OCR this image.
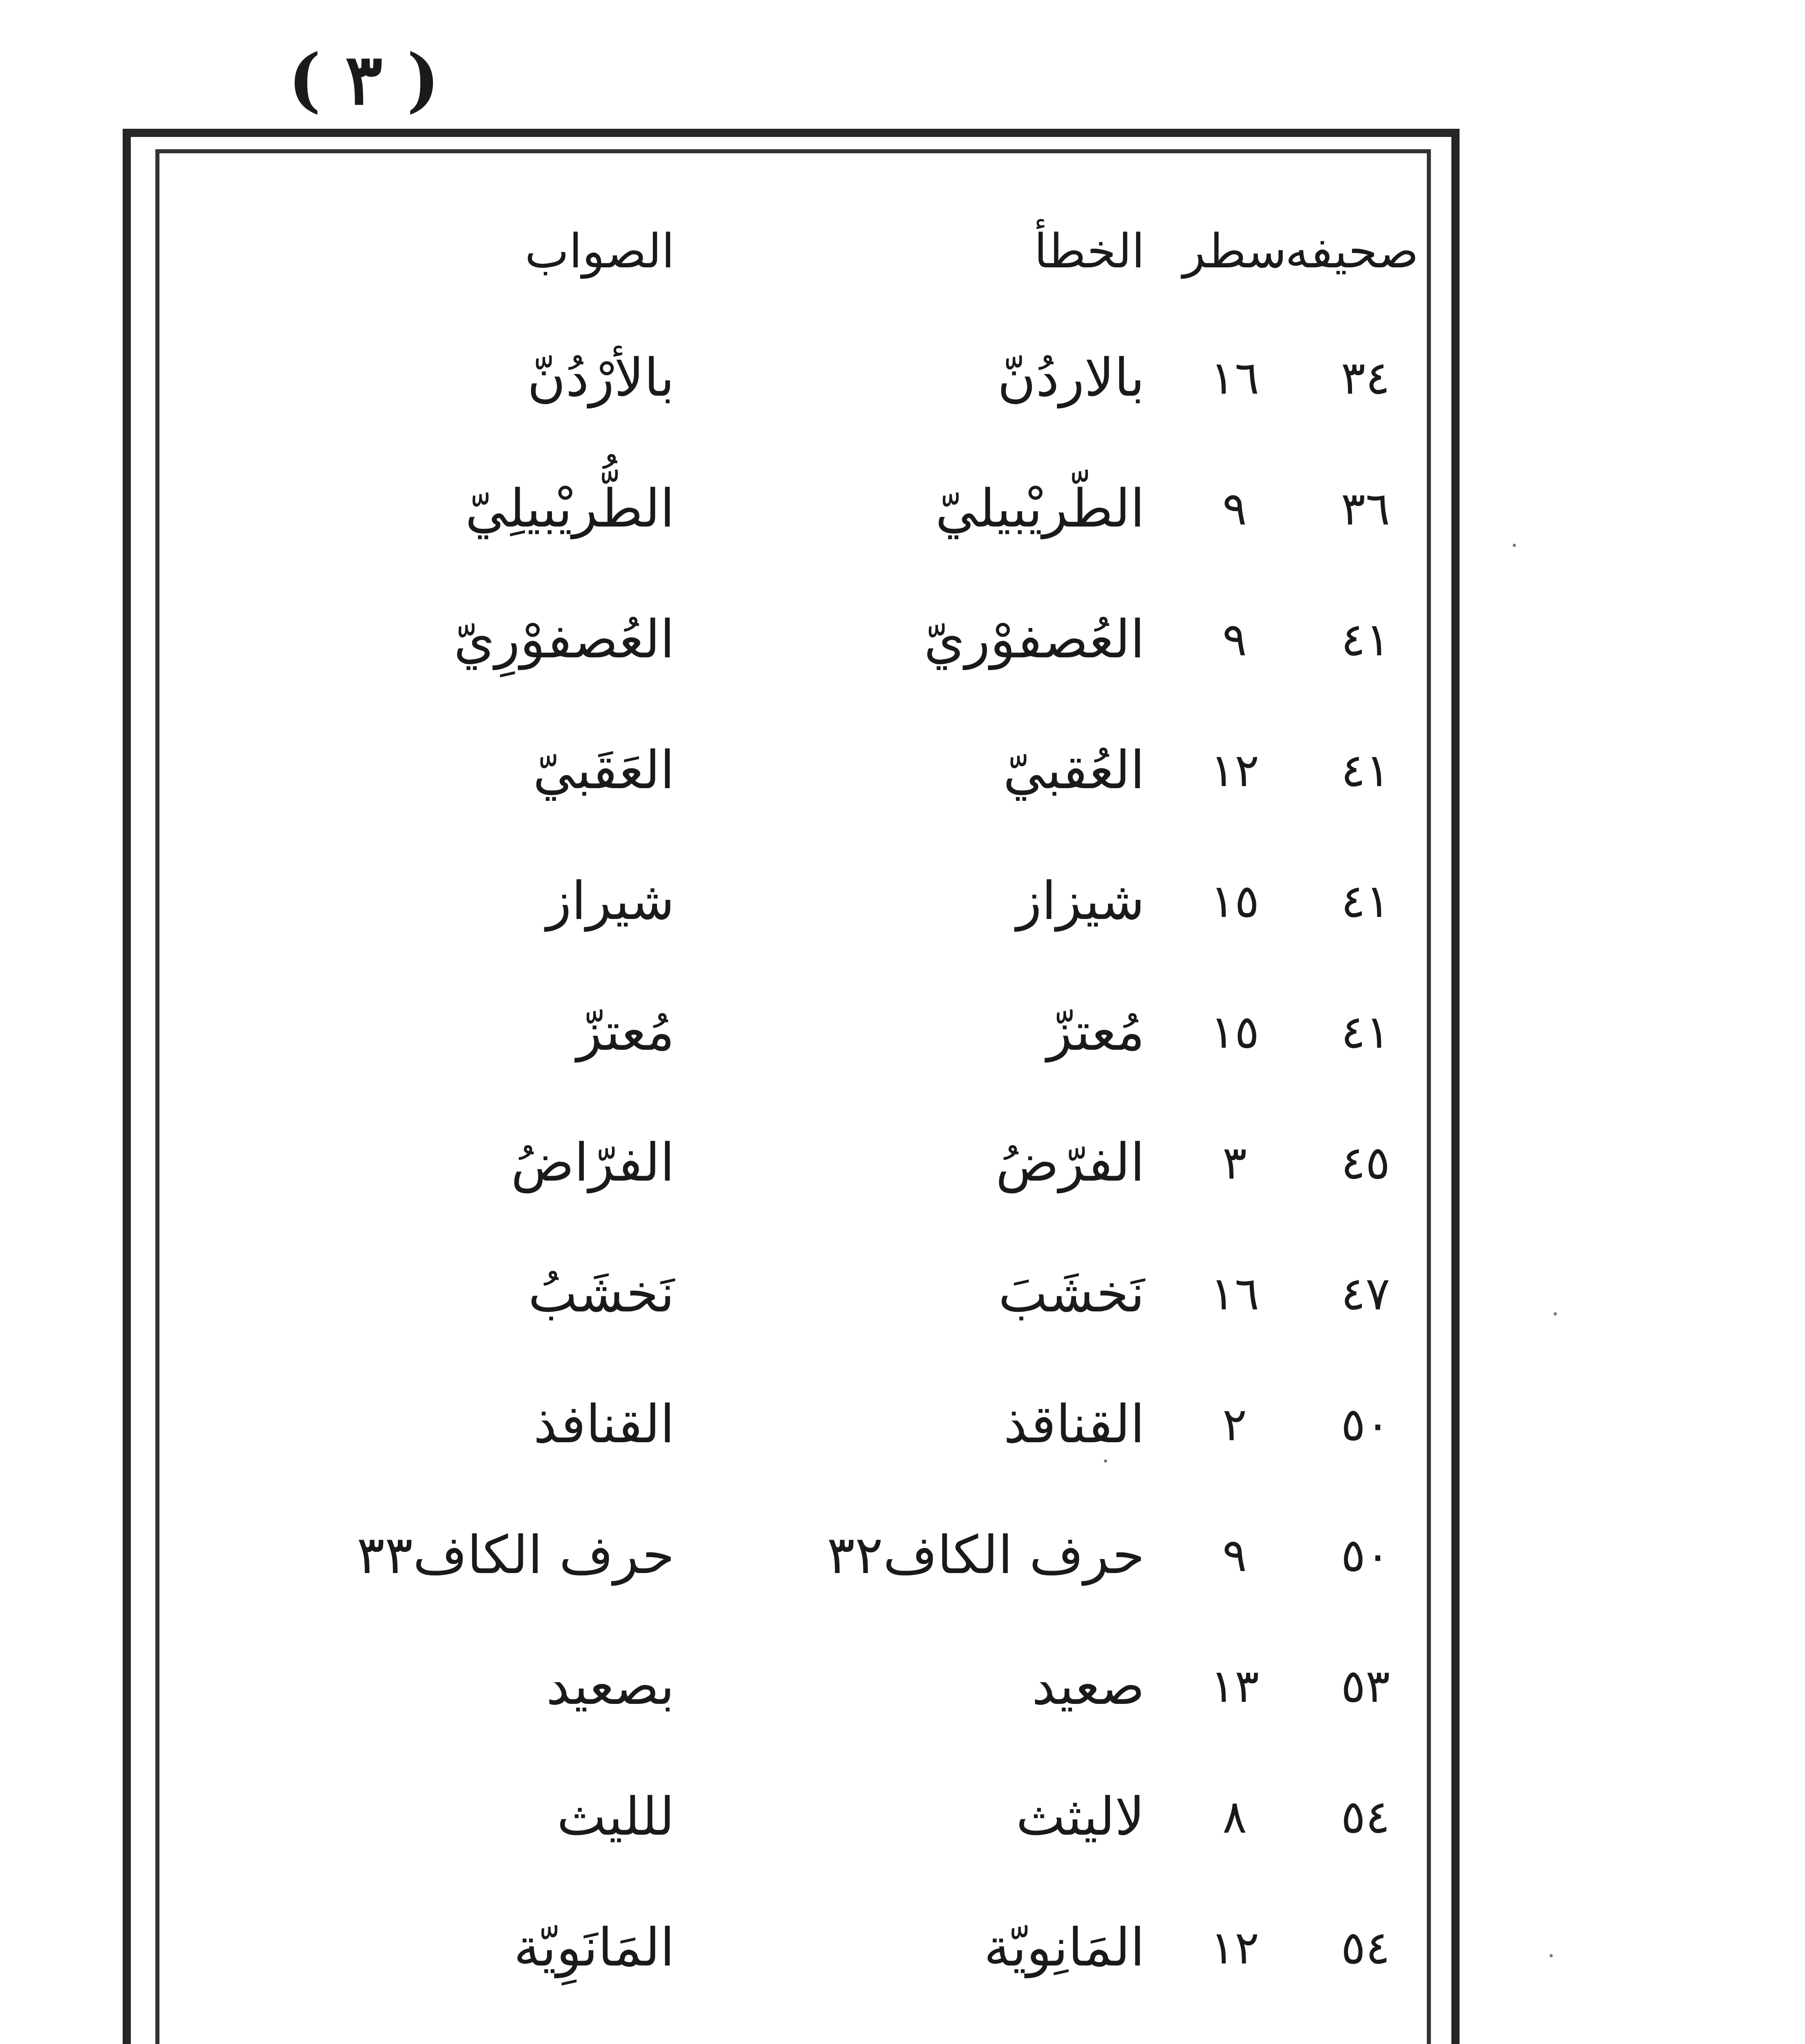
( ٣ )
صحيفه
سطر
الخطأ
الصواب
٣٤
١٦
بالاردُنّ
بالأرْدُنّ
٣٦
٩
الطّريْبيليّ
الطُّريْبيلِيّ
٤١
٩
العُصفوْريّ
العُصفوْرِيّ
٤١
١٢
العُقبيّ
العَقَبيّ
٤١
١٥
شيزاز
شيراز
٤١
١٥
مُعتزّ
مُعتزّ
٤٥
٣
الفرّضُ
الفرّاضُ
٤٧
١٦
نَخشَبَ
نَخشَبُ
٥٠
٢
القناقذ
القنافذ
٥٠
٩
حرف الكاف٣٢
حرف الكاف٣٣
٥٣
١٣
صعيد
بصعيد
٥٤
٨
لاليثث
للليث
٥٤
١٢
المَانِويّة
المَانَوِيّة
